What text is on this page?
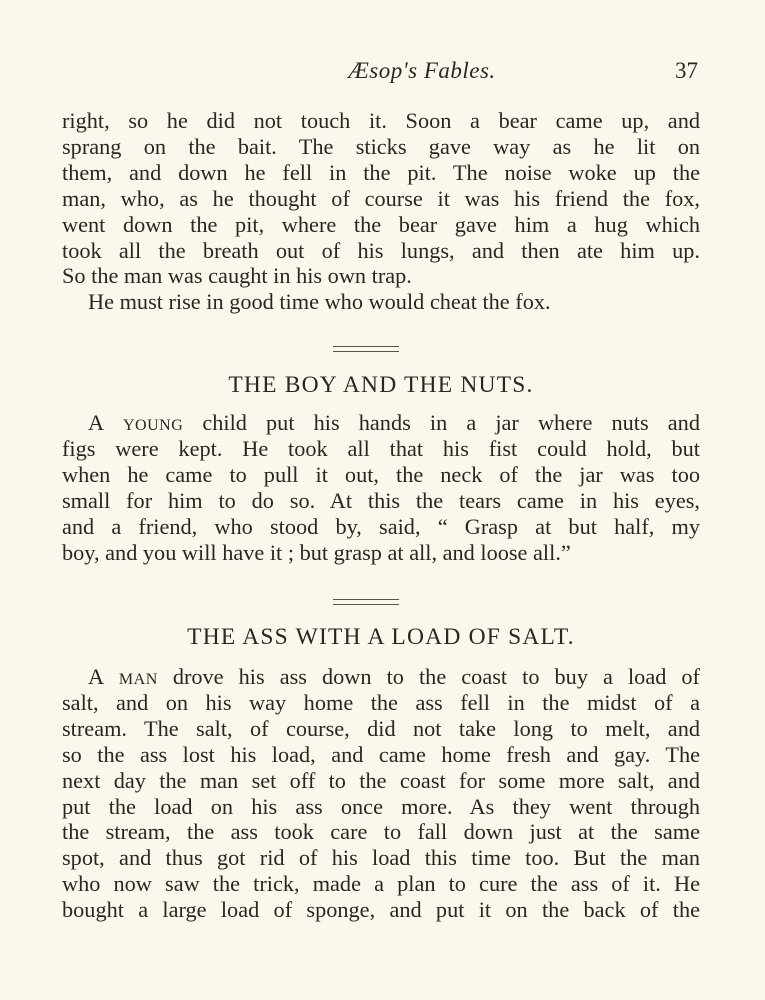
Æsop's Fables.	37
right, so he did not touch it. Soon a bear came up, and
sprang on the bait. The sticks gave way as he lit on
them, and down he fell in the pit. The noise woke up the
man, who, as he thought of course it was his friend the fox,
went down the pit, where the bear gave him a hug which
took all the breath out of his lungs, and then ate him up.
So the man was caught in his own trap.
He must rise in good time who would cheat the fox.
THE BOY AND THE NUTS.
A young child put his hands in a jar where nuts and
figs were kept. He took all that his fist could hold, but
when he came to pull it out, the neck of the jar was too
small for him to do so. At this the tears came in his eyes,
and a friend, who stood by, said, “ Grasp at but half, my
boy, and you will have it ; but grasp at all, and loose all.”
THE ASS WITH A LOAD OF SALT.
A man drove his ass down to the coast to buy a load of
salt, and on his way home the ass fell in the midst of a
stream. The salt, of course, did not take long to melt, and
so the ass lost his load, and came home fresh and gay. The
next day the man set off to the coast for some more salt, and
put the load on his ass once more. As they went through
the stream, the ass took care to fall down just at the same
spot, and thus got rid of his load this time too. But the man
who now saw the trick, made a plan to cure the ass of it. He
bought a large load of sponge, and put it on the back of the
